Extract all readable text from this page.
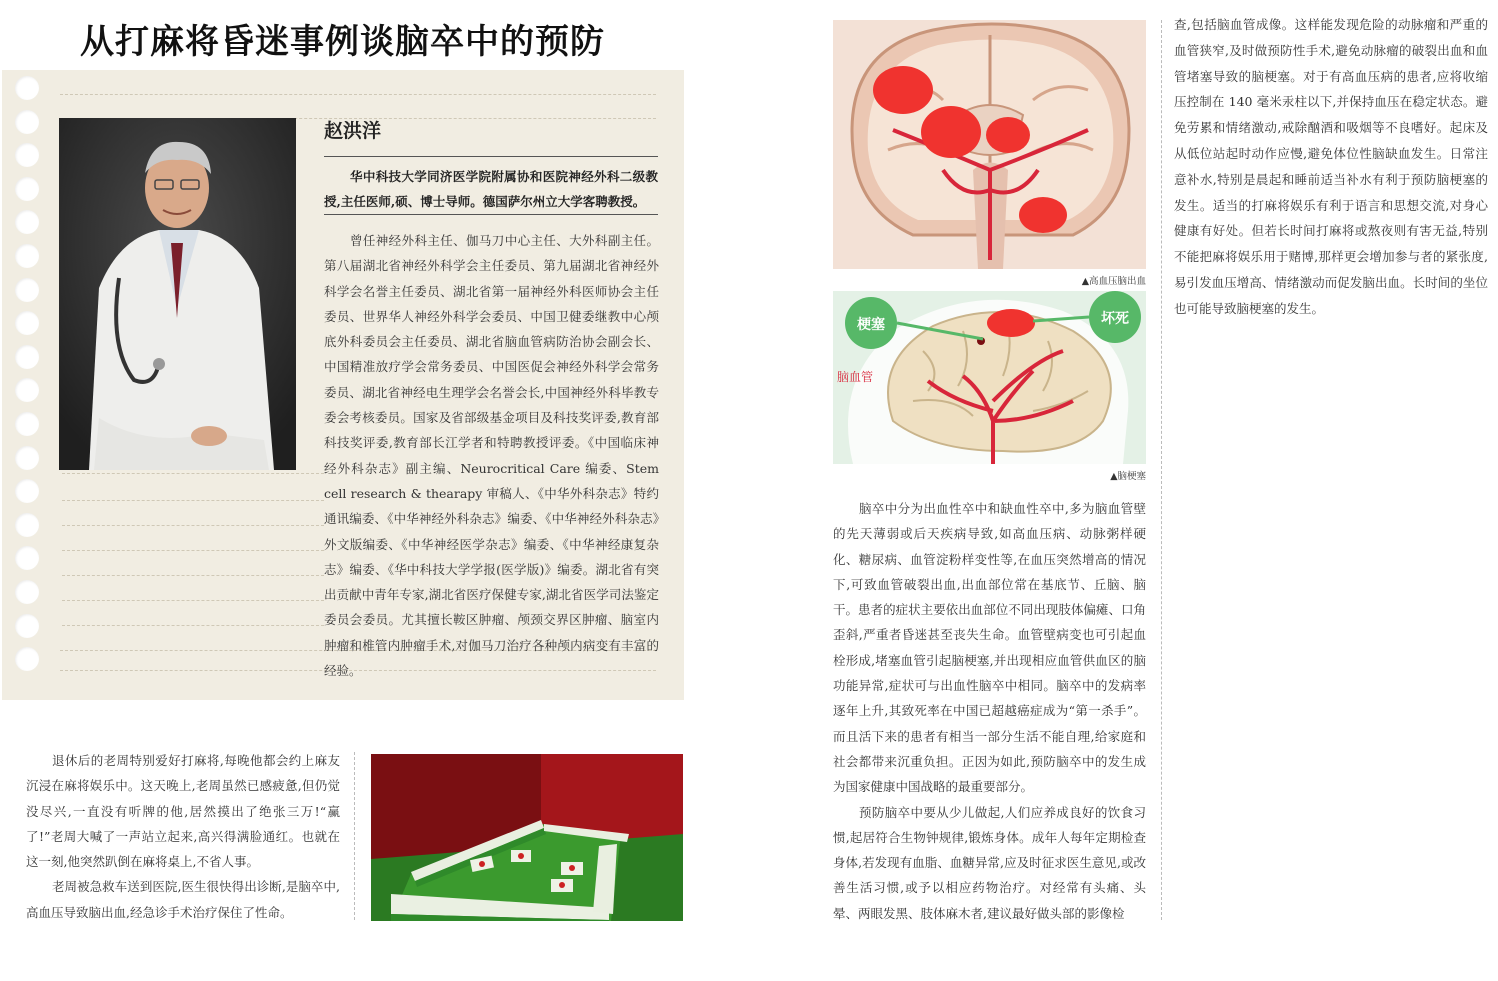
从打麻将昏迷事例谈脑卒中的预防
赵洪洋
华中科技大学同济医学院附属协和医院神经外科二级教授,主任医师,硕、博士导师。德国萨尔州立大学客聘教授。

曾任神经外科主任、伽马刀中心主任、大外科副主任。第八届湖北省神经外科学会主任委员、第九届湖北省神经外科学会名誉主任委员、湖北省第一届神经外科医师协会主任委员、世界华人神经外科学会委员、中国卫健委继教中心颅底外科委员会主任委员、湖北省脑血管病防治协会副会长、中国精准放疗学会常务委员、中国医促会神经外科学会常务委员、湖北省神经电生理学会名誉会长,中国神经外科毕教专委会考核委员。国家及省部级基金项目及科技奖评委,教育部科技奖评委,教育部长江学者和特聘教授评委。《中国临床神经外科杂志》副主编、Neurocritical Care 编委、Stem cell research & thearapy 审稿人、《中华外科杂志》特约通讯编委、《中华神经外科杂志》编委、《中华神经外科杂志》外文版编委、《中华神经医学杂志》编委、《中华神经康复杂志》编委、《华中科技大学学报(医学版)》编委。湖北省有突出贡献中青年专家,湖北省医疗保健专家,湖北省医学司法鉴定委员会委员。尤其擅长鞍区肿瘤、颅颈交界区肿瘤、脑室内肿瘤和椎管内肿瘤手术,对伽马刀治疗各种颅内病变有丰富的经验。

退休后的老周特别爱好打麻将,每晚他都会约上麻友沉浸在麻将娱乐中。这天晚上,老周虽然已感疲惫,但仍觉没尽兴,一直没有听牌的他,居然摸出了绝张三万!“赢了!”老周大喊了一声站立起来,高兴得满脸通红。也就在这一刻,他突然趴倒在麻将桌上,不省人事。

老周被急救车送到医院,医生很快得出诊断,是脑卒中,高血压导致脑出血,经急诊手术治疗保住了性命。

▲高血压脑出血
梗塞	坏死
脑血管
▲脑梗塞

脑卒中分为出血性卒中和缺血性卒中,多为脑血管壁的先天薄弱或后天疾病导致,如高血压病、动脉粥样硬化、糖尿病、血管淀粉样变性等,在血压突然增高的情况下,可致血管破裂出血,出血部位常在基底节、丘脑、脑干。患者的症状主要依出血部位不同出现肢体偏瘫、口角歪斜,严重者昏迷甚至丧失生命。血管壁病变也可引起血栓形成,堵塞血管引起脑梗塞,并出现相应血管供血区的脑功能异常,症状可与出血性脑卒中相同。脑卒中的发病率逐年上升,其致死率在中国已超越癌症成为“第一杀手”。而且活下来的患者有相当一部分生活不能自理,给家庭和社会都带来沉重负担。正因为如此,预防脑卒中的发生成为国家健康中国战略的最重要部分。

预防脑卒中要从少儿做起,人们应养成良好的饮食习惯,起居符合生物钟规律,锻炼身体。成年人每年定期检查身体,若发现有血脂、血糖异常,应及时征求医生意见,或改善生活习惯,或予以相应药物治疗。对经常有头痛、头晕、两眼发黑、肢体麻木者,建议最好做头部的影像检

查,包括脑血管成像。这样能发现危险的动脉瘤和严重的血管狭窄,及时做预防性手术,避免动脉瘤的破裂出血和血管堵塞导致的脑梗塞。对于有高血压病的患者,应将收缩压控制在 140 毫米汞柱以下,并保持血压在稳定状态。避免劳累和情绪激动,戒除酗酒和吸烟等不良嗜好。起床及从低位站起时动作应慢,避免体位性脑缺血发生。日常注意补水,特别是晨起和睡前适当补水有利于预防脑梗塞的发生。适当的打麻将娱乐有利于语言和思想交流,对身心健康有好处。但若长时间打麻将或熬夜则有害无益,特别不能把麻将娱乐用于赌博,那样更会增加参与者的紧张度,易引发血压增高、情绪激动而促发脑出血。长时间的坐位也可能导致脑梗塞的发生。
